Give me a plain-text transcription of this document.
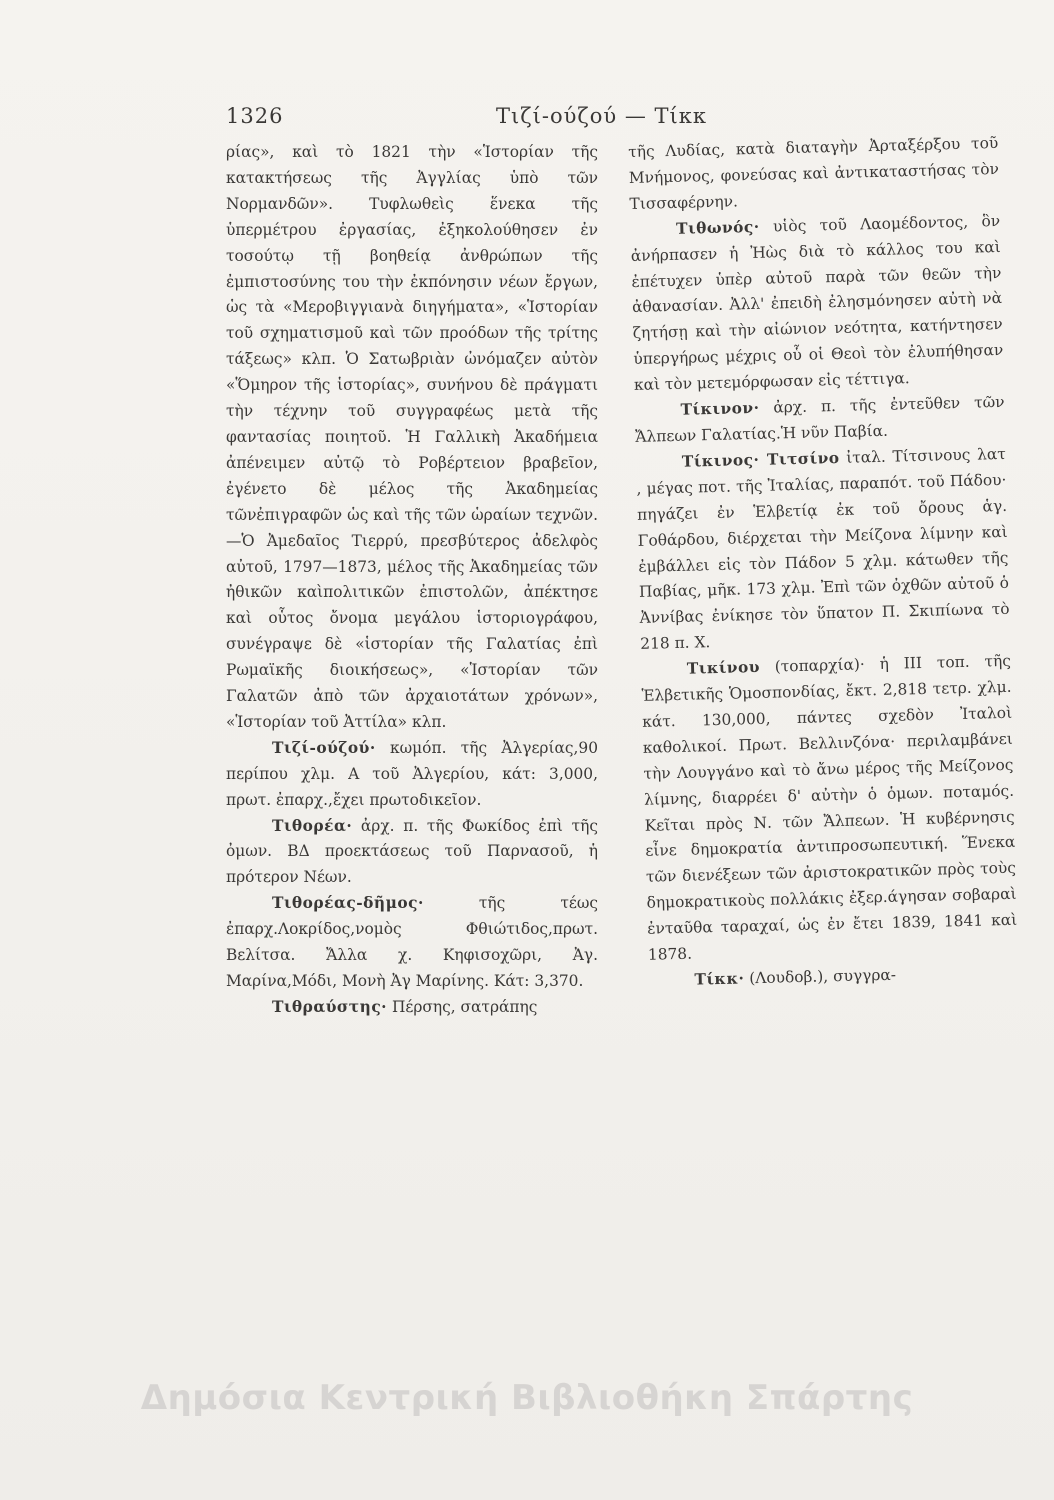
1326	Τιζί-ούζού — Τίκκ

ρίας», καὶ τὸ 1821 τὴν «Ἱστορίαν τῆς κατακτήσεως τῆς Ἀγγλίας ὑπὸ τῶν Νορμανδῶν». Τυφλωθεὶς ἕνεκα τῆς ὑπερμέτρου ἐργασίας, ἐξηκολούθησεν ἐν τοσούτῳ τῇ βοηθείᾳ ἀνθρώπων τῆς ἐμπιστοσύνης του τὴν ἐκπόνησιν νέων ἔργων, ὡς τὰ «Μεροβιγγιανὰ διηγήματα», «Ἱστορίαν τοῦ σχηματισμοῦ καὶ τῶν προόδων τῆς τρίτης τάξεως» κλπ. Ὁ Σατωβριὰν ὠνόμαζεν αὐτὸν «Ὅμηρον τῆς ἱστορίας», συνήνου δὲ πράγματι τὴν τέχνην τοῦ συγγραφέως μετὰ τῆς φαντασίας ποιητοῦ. Ἡ Γαλλικὴ Ἀκαδήμεια ἀπένειμεν αὐτῷ τὸ Ροβέρτειον βραβεῖον, ἐγένετο δὲ μέλος τῆς Ἀκαδημείας τῶνἐπιγραφῶν ὡς καὶ τῆς τῶν ὡραίων τεχνῶν.—Ὁ Ἀμεδαῖος Τιερρύ, πρεσβύτερος ἀδελφὸς αὐτοῦ, 1797—1873, μέλος τῆς Ἀκαδημείας τῶν ἠθικῶν καὶπολιτικῶν ἐπιστολῶν, ἀπέκτησε καὶ οὗτος ὄνομα μεγάλου ἱστοριογράφου, συνέγραψε δὲ «ἱστορίαν τῆς Γαλατίας ἐπὶ Ρωμαϊκῆς διοικήσεως», «Ἱστορίαν τῶν Γαλατῶν ἀπὸ τῶν ἀρχαιοτάτων χρόνων», «Ἱστορίαν τοῦ Ἀττίλα» κλπ.

Τιζί-ούζού· κωμόπ. τῆς Ἀλγερίας,90 περίπου χλμ. Α τοῦ Ἀλγερίου, κάτ: 3,000, πρωτ. ἐπαρχ.,ἔχει πρωτοδικεῖον.

Τιθορέα· ἀρχ. π. τῆς Φωκίδος ἐπὶ τῆς ὀμων. ΒΔ προεκτάσεως τοῦ Παρνασοῦ, ἡ πρότερον Νέων.

Τιθορέας-δῆμος·	τῆς τέως ἐπαρχ.Λοκρίδος,νομὸς Φθιώτιδος,πρωτ. Βελίτσα. Ἄλλα χ. Κηφισοχῶρι, Ἀγ. Μαρίνα,Μόδι, Μονὴ Ἀγ Μαρίνης. Κάτ: 3,370.

Τιθραύστης· Πέρσης, σατράπης

τῆς Λυδίας, κατὰ διαταγὴν Ἀρταξέρξου τοῦ Μνήμονος, φονεύσας καὶ ἀντικαταστήσας τὸν Τισσαφέρνην.

Τιθωνός· υἱὸς τοῦ Λαομέδοντος, ὃν ἀνήρπασεν ἡ Ἠὼς διὰ τὸ κάλλος του καὶ ἐπέτυχεν ὑπὲρ αὐτοῦ παρὰ τῶν θεῶν τὴν ἀθανασίαν. Ἀλλ' ἐπειδὴ ἐλησμόνησεν αὐτὴ νὰ ζητήσῃ καὶ τὴν αἰώνιον νεότητα, κατήντησεν ὑπεργήρως μέχρις οὗ οἱ Θεοὶ τὸν ἐλυπήθησαν καὶ τὸν μετεμόρφωσαν εἰς τέττιγα.

Τίκινον· ἀρχ. π. τῆς ἐντεῦθεν τῶν Ἄλπεων Γαλατίας.Ἡ νῦν Παβία.

Τίκινος· Τιτσίνο ἰταλ. Τίτσινους λατ , μέγας ποτ. τῆς Ἰταλίας, παραπότ. τοῦ Πάδου· πηγάζει ἐν Ἑλβετίᾳ ἐκ τοῦ ὄρους ἁγ. Γοθάρδου, διέρχεται τὴν Μείζονα λίμνην καὶ ἐμβάλλει εἰς τὸν Πάδον 5 χλμ. κάτωθεν τῆς Παβίας, μῆκ. 173 χλμ. Ἐπὶ τῶν ὀχθῶν αὐτοῦ ὁ Ἀννίβας ἐνίκησε τὸν ὕπατον Π. Σκιπίωνα τὸ 218 π. Χ.

Τικίνου (τοπαρχία)· ἡ ΙΙΙ τοπ. τῆς Ἑλβετικῆς Ὁμοσπονδίας, ἔκτ. 2,818 τετρ. χλμ. κάτ. 130,000, πάντες σχεδὸν Ἰταλοὶ καθολικοί. Πρωτ. Βελλινζόνα· περιλαμβάνει τὴν Λουγγάνο καὶ τὸ ἄνω μέρος τῆς Μείζονος λίμνης, διαρρέει δ' αὐτὴν ὁ ὁμων. ποταμός. Κεῖται πρὸς Ν. τῶν Ἄλπεων. Ἡ κυβέρνησις εἶνε δημοκρατία ἀντιπροσωπευτική. Ἕνεκα τῶν διενέξεων τῶν ἀριστοκρατικῶν πρὸς τοὺς δημοκρατικοὺς πολλάκις ἐξερ.άγησαν σοβαραὶ ἐνταῦθα ταραχαί, ὡς ἐν ἔτει 1839, 1841 καὶ 1878.

Τίκκ· (Λουδοβ.), συγγρα-

Δημόσια Κεντρική Βιβλιοθήκη Σπάρτης
